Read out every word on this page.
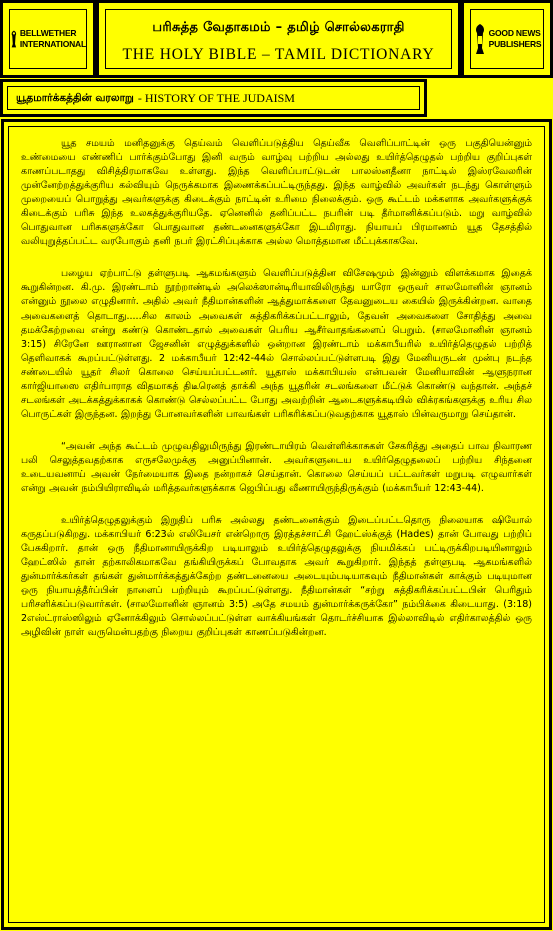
BELLWETHER
INTERNATIONAL
பரிசுத்த வேதாகமம் – தமிழ் சொல்லகராதி
THE HOLY BIBLE – TAMIL DICTIONARY
GOOD NEWS
PUBLISHERS
யூதமார்க்கத்தின் வரலாறு - HISTORY OF THE JUDAISM

யூத சமயம் மனிதனுக்கு தெய்வம் வெளிப்படுத்திய தெய்வீக வெளிப்பாட்டின் ஒரு பகுதியென்னும் உண்மையை எண்ணிப் பார்க்கும்போது இனி வரும் வாழ்வு பற்றிய அல்லது உயிர்த்தெழுதல் பற்றிய குறிப்புகள் காணப்படாதது விசித்திரமாகவே உள்ளது. இந்த வெளிப்பாட்டுடன் பாலஸ்னதீனா நாட்டில் இஸ்ரவேலரின் முன்னேற்றத்துக்குரிய கல்வியும் நெருக்கமாக இணைக்கப்பட்டிருந்தது. இந்த வாழ்வில் அவர்கள் நடந்து கொள்ளும் முறையைப் பொறுத்து அவர்களுக்கு கிடைக்கும் நாட்டின் உரிமை நிலைக்கும். ஒரு கூட்டம் மக்களாக அவர்களுக்குக் கிடைக்கும் பரிசு இந்த உலகத்துக்குரியதே. ஏனெனில் தனிப்பட்ட நபரின் படி தீர்மானிக்கப்படும். மறு வாழ்வில் பொதுவான பரிசுகளுக்கோ பொதுவான தண்டனைகளுக்கோ இடமிராது. நியாயப் பிரமாணம் யூத தேசத்தில் வலியுறுத்தப்பட்ட வரபோகும் தனி நபர் இரட்சிப்புக்காக அல்ல மொத்தமான மீட்புக்காகவே.

பழைய ஏற்பாட்டு தள்ளுபடி ஆகமங்களும் வெளிப்படுத்தின விசேஷமும் இன்னும் விளக்கமாக இதைக் கூறுகின்றன. கி.மு. இரண்டாம் நூற்றாண்டில் அலெக்ஸான்டிரியாவிலிருந்து யாரோ ஒருவர் சாலமோனின் ஞானம் என்னும் நூலை எழுதினார். அதில் அவர் நீதிமான்களின் ஆத்துமாக்களை தேவனுடைய கையில் இருக்கின்றன. வாதை அவைகளைத் தொடாது.....சில காலம் அவைகள் சுத்திகரிக்கப்பட்டாலும், தேவன் அவைகளை சோதித்து அவை தமக்கேற்றவை என்று கண்டு கொண்டதால் அவைகள் பெரிய ஆசீர்வாதங்களைப் பெறும். (சாலமோனின் ஞானம் 3:15) சிரேனே ஊரானான ஜேசனின் எழுத்துக்களில் ஒன்றான இரண்டாம் மக்காபீயரில் உயிர்த்தெழுதல் பற்றித் தெளிவாகக் கூறப்பட்டுள்ளது. 2 மக்காபீயர் 12:42-44ல் சொல்லப்பட்டுள்ளபடி இது மேனியருடன் முன்பு நடந்த சண்டையில் யூதர் சிலர் கொலை செய்யப்பட்டனர். யூதாஸ் மக்காபியஸ் என்பவன் மேனியாவின் ஆளுநரான கார்ஜியாஸை எதிர்பாராத விதமாகத் திடீரெனத் தாக்கி அந்த யூதரின் சடலங்களை மீட்டுக் கொண்டு வந்தான். அந்தச் சடலங்கள் அடக்கத்துக்காகக் கொண்டு செல்லப்பட்ட போது அவற்றின் ஆடைகளுக்கடியில் விக்ரகங்களுக்கு உரிய சில பொருட்கள் இருந்தன. இறந்து போனவர்களின் பாவங்கள் பரிகரிக்கப்படுவதற்காக யூதாஸ் பின்வருமாறு செய்தான்.

“அவன் அந்த கூட்டம் முழுவதிலுமிருந்து இரண்டாயிரம் வெள்ளிக்காசுகள் சேகரித்து அதைப் பாவ நிவாரண பலி செலுத்தவதற்காக எருசலேமுக்கு அனுப்பினான். அவர்களுடைய உயிர்தெழுதலைப் பற்றிய சிந்தனை உடையவனாய் அவன் நேர்மையாக இதை நன்றாகச் செய்தான். கொலை செய்யப் பட்டவர்கள் மறுபடி எழுவார்கள் என்று அவன் நம்பியிராவிடில் மரித்தவர்களுக்காக ஜெபிப்பது வீணாயிருந்திருக்கும் (மக்காபீயர் 12:43-44).

உயிர்த்தெழுதலுக்கும் இறுதிப் பரிசு அல்லது தண்டனைக்கும் இடைப்பட்டதொரு நிலையாக ஷியோல் கருதப்படுகிறது. மக்காபியர் 6:23ல் எலியேசர் என்றொரு இரத்தச்சாட்சி ஹேட்ஸ்க்குத் (Hades) தான் போவது பற்றிப் பேசுகிறார். தான் ஒரு நீதிமானாயிருக்கிற படியாலும் உயிர்த்தெழுதலுக்கு நியமிக்கப் பட்டிருக்கிறபடியினாலும் ஹேட்ஸில் தான் தற்காலிகமாகவே தங்கியிருக்கப் போவதாக அவர் கூறுகிறார். இந்தத் தள்ளுபடி ஆகமங்களில் துன்மார்க்கர்கள் தங்கள் துன்மார்க்கத்துக்கேற்ற தண்டனையை அடையும்படியாகவும் நீதிமான்கள் காக்கும் படியுமான ஒரு நியாயத்தீர்ப்பின் நாளைப் பற்றியும் கூறப்பட்டுள்ளது. நீதிமான்கள் “சற்று சுத்திகரிக்கப்பட்டபின் பெரிதும் பரிசளிக்கப்படுவார்கள். (சாலமோனின் ஞானம் 3:5) அதே சமயம் துன்மார்க்கருக்கோ” நம்பிக்கை கிடையாது. (3:18) 2எஸ்ட்ராஸ்ஸிலும் ஏனோக்கிலும் சொல்லப்பட்டுள்ள வாக்கியங்கள் தொடர்ச்சியாக இல்லாவிடில் எதிர்காலத்தில் ஒரு அழிவின் நாள் வருமென்பதற்கு நிறைய குறிப்புகள் காணப்படுகின்றன.
